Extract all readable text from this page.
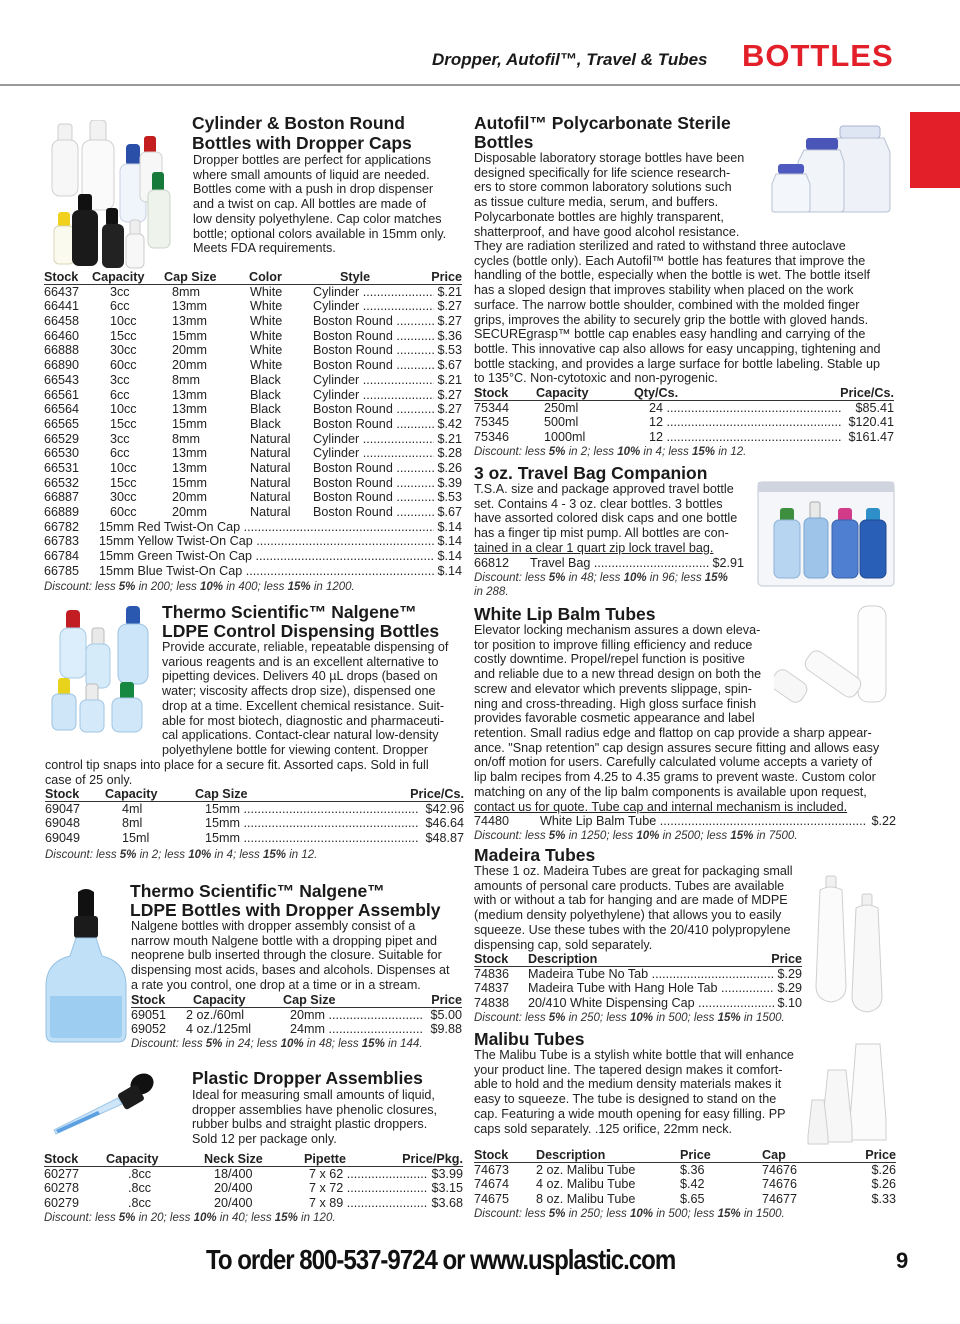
Dropper, Autofil™, Travel & Tubes BOTTLES
Cylinder & Boston Round
Bottles with Dropper Caps
Dropper bottles are perfect for applications
where small amounts of liquid are needed.
Bottles come with a push in drop dispenser
and a twist on cap. All bottles are made of
low density polyethylene. Cap color matches
bottle; optional colors available in 15mm only.
Meets FDA requirements.
Stock Capacity Cap Size	Color	Style	Price
66437 3cc	8mm	White Cylinder .....	$.21
66441 6cc	13mm	White Cylinder .....	$.27
66458 10cc	13mm	White Boston Round .....	$.27
66460 15cc	15mm	White Boston Round .....	$.36
66888 30cc	20mm	White Boston Round .....	$.53
66890 60cc	20mm	White Boston Round .....	$.67
66543 3cc	8mm	Black	Cylinder .....	$.21
66561 6cc	13mm	Black	Cylinder .....	$.27
66564 10cc	13mm	Black	Boston Round .....	$.27
66565 15cc	15mm	Black	Boston Round .....	$.42
66529 3cc	8mm	Natural Cylinder .....	$.21
66530 6cc	13mm	Natural Cylinder .....	$.28
66531 10cc	13mm	Natural Boston Round .....	$.26
66532 15cc	15mm	Natural Boston Round .....	$.39
66887 30cc	20mm	Natural Boston Round .....	$.53
66889 60cc	20mm	Natural Boston Round .....	$.67
66782 15mm Red Twist-On Cap .....	$.14
66783 15mm Yellow Twist-On Cap .....	$.14
66784 15mm Green Twist-On Cap .....	$.14
66785 15mm Blue Twist-On Cap .....	$.14
Discount: less 5% in 200; less 10% in 400; less 15% in 1200.
Thermo Scientific™ Nalgene™
LDPE Control Dispensing Bottles
Provide accurate, reliable, repeatable dispensing of
various reagents and is an excellent alternative to
pipetting devices. Delivers 40 µL drops (based on
water; viscosity affects drop size), dispensed one
drop at a time. Excellent chemical resistance. Suit-
able for most biotech, diagnostic and pharmaceuti-
cal applications. Contact-clear natural low-density
polyethylene bottle for viewing content. Dropper
control tip snaps into place for a secure fit. Assorted caps. Sold in full
case of 25 only.
Stock Capacity	Cap Size	Price/Cs.
69047	4ml	15mm .....	$42.96
69048	8ml	15mm .....	$46.64
69049	15ml	15mm .....	$48.87
Discount: less 5% in 2; less 10% in 4; less 15% in 12.
Thermo Scientific™ Nalgene™
LDPE Bottles with Dropper Assembly
Nalgene bottles with dropper assembly consist of a
narrow mouth Nalgene bottle with a dropping pipet and
neoprene bulb inserted through the closure. Suitable for
dispensing most acids, bases and alcohols. Dispenses at
a rate you control, one drop at a time or in a stream.
Stock Capacity	Cap Size	Price
69051 2 oz./60ml	20mm .....	$5.00
69052 4 oz./125ml	24mm .....	$9.88
Discount: less 5% in 24; less 10% in 48; less 15% in 144.
Plastic Dropper Assemblies
Ideal for measuring small amounts of liquid,
dropper assemblies have phenolic closures,
rubber bulbs and straight plastic droppers.
Sold 12 per package only.
Stock Capacity	Neck Size	Pipette	Price/Pkg.
60277	.8cc	18/400	7 x 62 .....	$3.99
60278	.8cc	20/400	7 x 72 .....	$3.15
60279	.8cc	20/400	7 x 89 .....	$3.68
Discount: less 5% in 20; less 10% in 40; less 15% in 120.
Autofil™ Polycarbonate Sterile
Bottles
Disposable laboratory storage bottles have been
designed specifically for life science research-
ers to store common laboratory solutions such
as tissue culture media, serum, and buffers.
Polycarbonate bottles are highly transparent,
shatterproof, and have good alcohol resistance.
They are radiation sterilized and rated to withstand three autoclave
cycles (bottle only). Each Autofil™ bottle has features that improve the
handling of the bottle, especially when the bottle is wet. The bottle itself
has a sloped design that improves stability when placed on the work
surface. The narrow bottle shoulder, combined with the molded finger
grips, improves the ability to securely grip the bottle with gloved hands.
SECUREgrasp™ bottle cap enables easy handling and carrying of the
bottle. This innovative cap also allows for easy uncapping, tightening and
bottle stacking, and provides a large surface for bottle labeling. Stable up
to 135°C. Non-cytotoxic and non-pyrogenic.
Stock Capacity	Qty/Cs.	Price/Cs.
75344	250ml	24 .....	$85.41
75345	500ml	12 .....	$120.41
75346	1000ml	12 .....	$161.47
Discount: less 5% in 2; less 10% in 4; less 15% in 12.
3 oz. Travel Bag Companion
T.S.A. size and package approved travel bottle
set. Contains 4 - 3 oz. clear bottles. 3 bottles
have assorted colored disk caps and one bottle
has a finger tip mist pump. All bottles are con-
tained in a clear 1 quart zip lock travel bag.
66812 Travel Bag .....	$2.91
Discount: less 5% in 48; less 10% in 96; less 15%
in 288.
White Lip Balm Tubes
Elevator locking mechanism assures a down eleva-
tor position to improve filling efficiency and reduce
costly downtime. Propel/repel function is positive
and reliable due to a new thread design on both the
screw and elevator which prevents slippage, spin-
ning and cross-threading. High gloss surface finish
provides favorable cosmetic appearance and label
retention. Small radius edge and flattop on cap provide a sharp appear-
ance. "Snap retention" cap design assures secure fitting and allows easy
on/off motion for users. Carefully calculated volume accepts a variety of
lip balm recipes from 4.25 to 4.35 grams to prevent waste. Custom color
matching on any of the lip balm components is available upon request,
contact us for quote. Tube cap and internal mechanism is included.
74480 White Lip Balm Tube .....	$.22
Discount: less 5% in 1250; less 10% in 2500; less 15% in 7500.
Madeira Tubes
These 1 oz. Madeira Tubes are great for packaging small
amounts of personal care products. Tubes are available
with or without a tab for hanging and are made of MDPE
(medium density polyethylene) that allows you to easily
squeeze. Use these tubes with the 20/410 polypropylene
dispensing cap, sold separately.
Stock Description	Price
74836 Madeira Tube No Tab .....	$.29
74837 Madeira Tube with Hang Hole Tab .....	$.29
74838 20/410 White Dispensing Cap .....	$.10
Discount: less 5% in 250; less 10% in 500; less 15% in 1500.
Malibu Tubes
The Malibu Tube is a stylish white bottle that will enhance
your product line. The tapered design makes it comfort-
able to hold and the medium density materials makes it
easy to squeeze. The tube is designed to stand on the
cap. Featuring a wide mouth opening for easy filling. PP
caps sold separately. .125 orifice, 22mm neck.
Stock Description	Price	Cap	Price
74673 2 oz. Malibu Tube	$.36	74676	$.26
74674 4 oz. Malibu Tube	$.42	74676	$.26
74675 8 oz. Malibu Tube	$.65	74677	$.33
Discount: less 5% in 250; less 10% in 500; less 15% in 1500.
To order 800-537-9724 or www.usplastic.com	9
